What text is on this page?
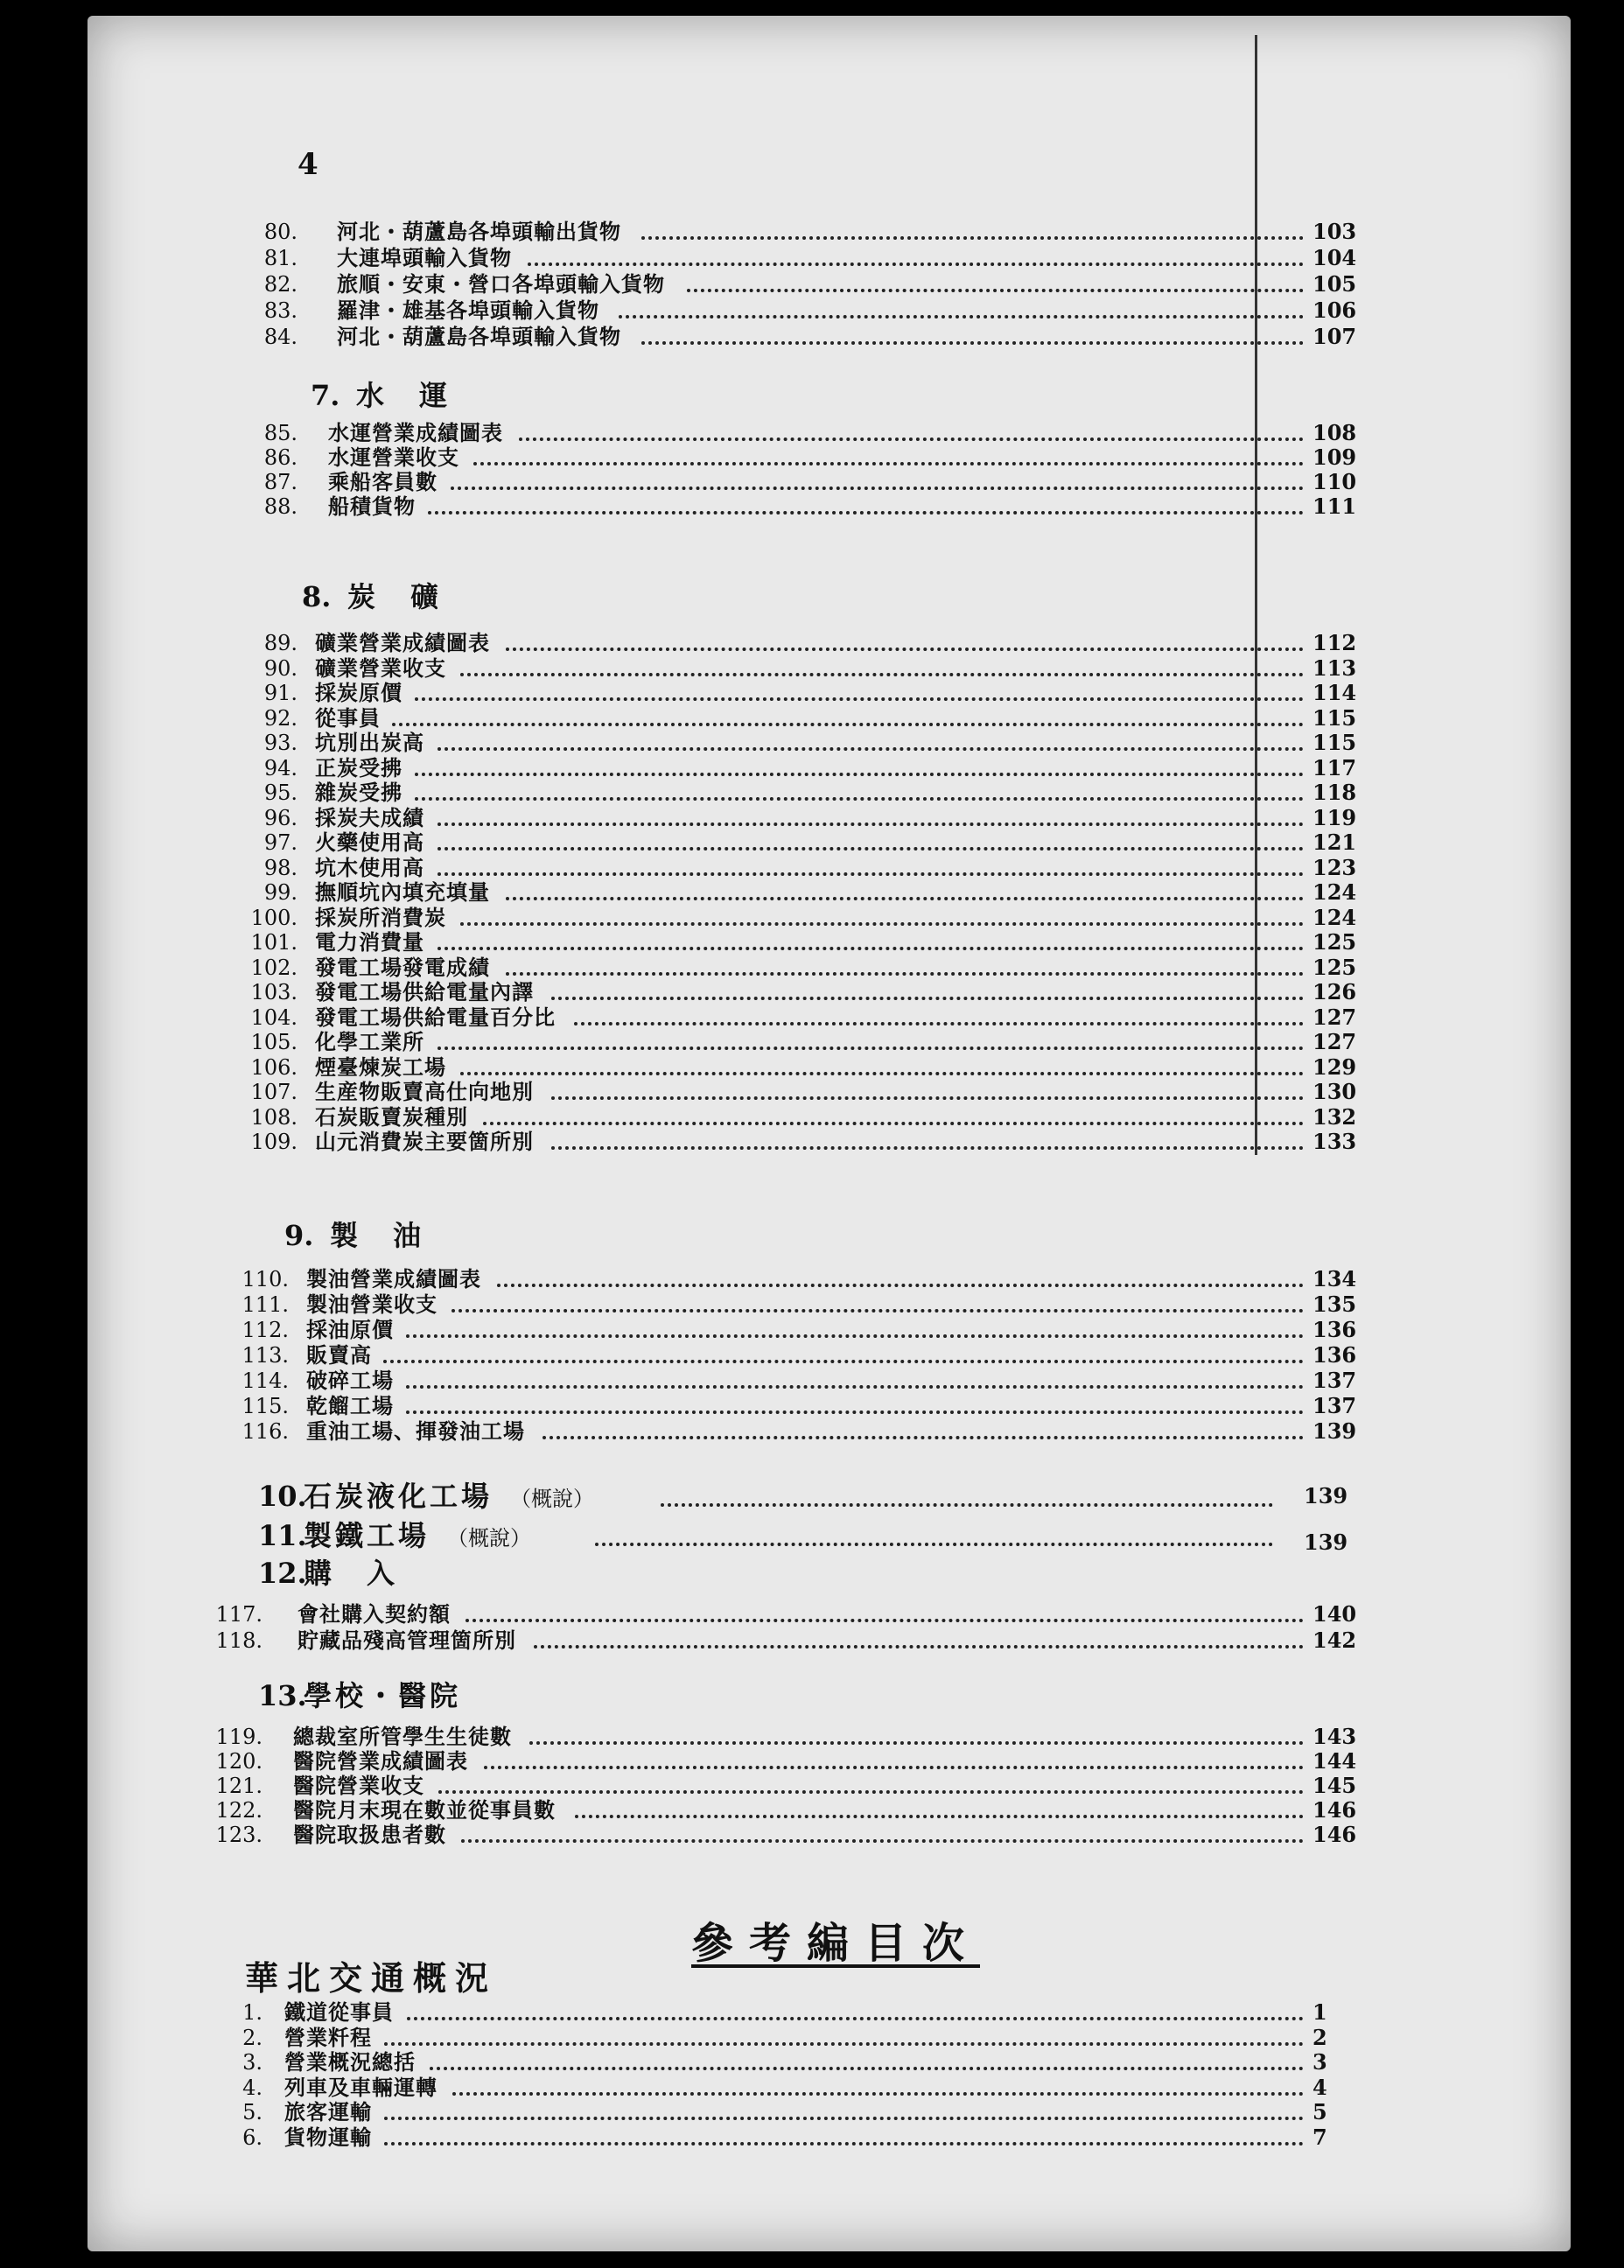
4
7. 水　運
8. 炭　礦
9. 製　油
10.石炭液化工場 （概說）	139
11.製鐵工場 （概說）	139
12.購　入
13.學校・醫院
參考編目次
華北交通概況
80. 河北・葫蘆島各埠頭輸出貨物	103
81. 大連埠頭輸入貨物	104
82. 旅順・安東・營口各埠頭輸入貨物	105
83. 羅津・雄基各埠頭輸入貨物	106
84. 河北・葫蘆島各埠頭輸入貨物	107
85. 水運營業成績圖表	108
86. 水運營業收支	109
87. 乘船客員數	110
88. 船積貨物	111
89. 礦業營業成績圖表	112
90. 礦業營業收支	113
91. 採炭原價	114
92. 從事員	115
93. 坑別出炭高	115
94. 正炭受拂	117
95. 雜炭受拂	118
96. 採炭夫成績	119
97. 火藥使用高	121
98. 坑木使用高	123
99. 撫順坑內填充填量	124
100. 採炭所消費炭	124
101. 電力消費量	125
102. 發電工場發電成績	125
103. 發電工場供給電量內譯	126
104. 發電工場供給電量百分比	127
105. 化學工業所	127
106. 煙臺煉炭工場	129
107. 生産物販賣高仕向地別	130
108. 石炭販賣炭種別	132
109. 山元消費炭主要箇所別	133
110. 製油營業成績圖表	134
111. 製油營業收支	135
112. 採油原價	136
113. 販賣高	136
114. 破碎工場	137
115. 乾餾工場	137
116. 重油工場、揮發油工場	139
117. 會社購入契約額	140
118. 貯藏品殘高管理箇所別	142
119. 總裁室所管學生生徒數	143
120. 醫院營業成績圖表	144
121. 醫院營業收支	145
122. 醫院月末現在數並從事員數	146
123. 醫院取扱患者數	146
1. 鐵道從事員	1
2. 營業粁程	2
3. 營業概況總括	3
4. 列車及車輛運轉	4
5. 旅客運輸	5
6. 貨物運輸	7
